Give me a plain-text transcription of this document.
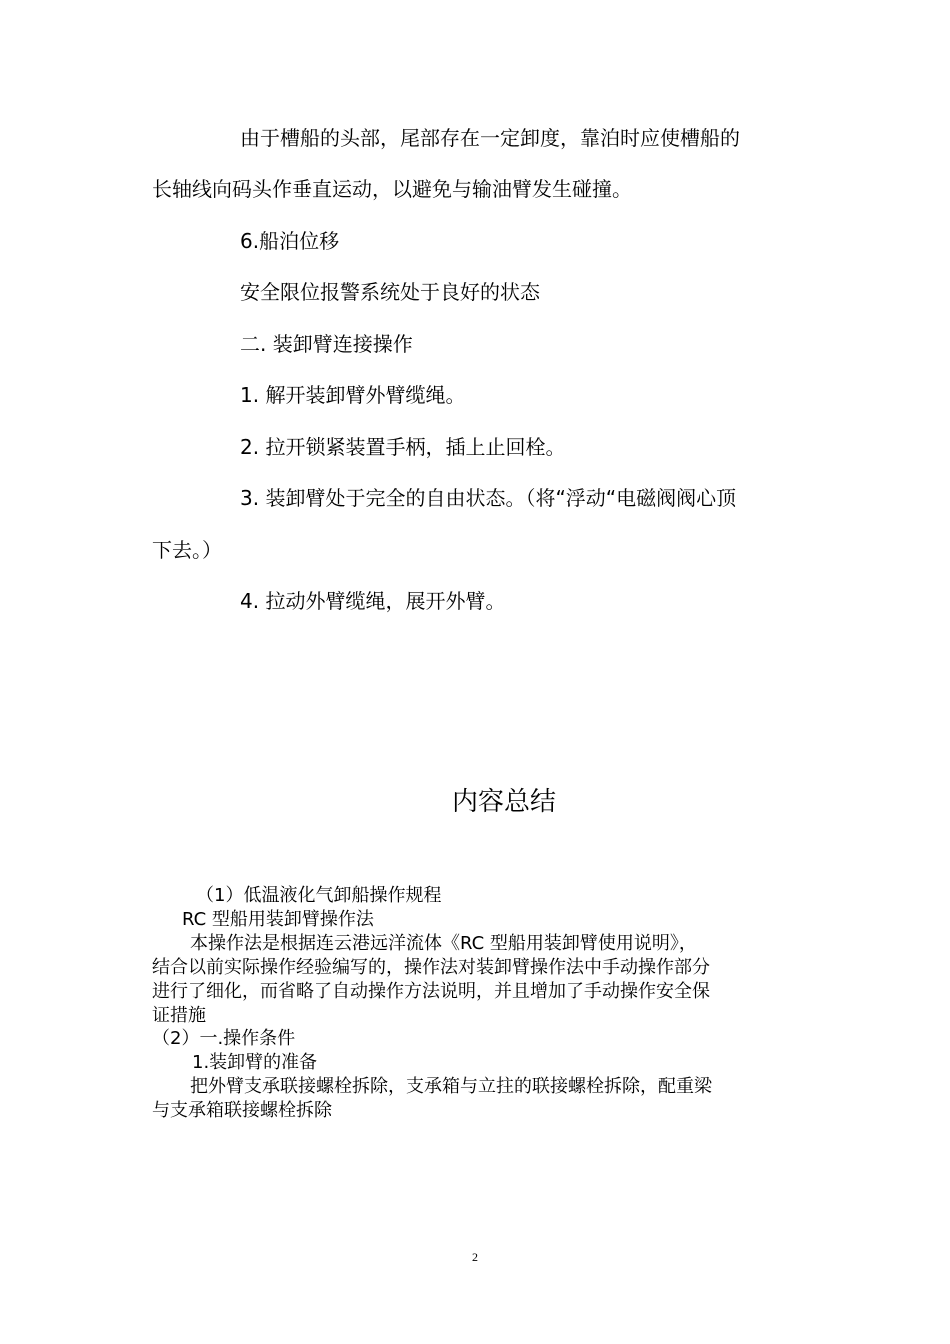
由于槽船的头部，尾部存在一定卸度，靠泊时应使槽船的
长轴线向码头作垂直运动，以避免与输油臂发生碰撞。
6.船泊位移
安全限位报警系统处于良好的状态
二. 装卸臂连接操作
1. 解开装卸臂外臂缆绳。
2. 拉开锁紧装置手柄，插上止回栓。
3. 装卸臂处于完全的自由状态。（将“浮动“电磁阀阀心顶
下去。）
4. 拉动外臂缆绳，展开外臂。
内容总结
（1）低温液化气卸船操作规程
RC 型船用装卸臂操作法
本操作法是根据连云港远洋流体《RC 型船用装卸臂使用说明》，
结合以前实际操作经验编写的，操作法对装卸臂操作法中手动操作部分
进行了细化，而省略了自动操作方法说明，并且增加了手动操作安全保
证措施
（2）一.操作条件
1.装卸臂的准备
把外臂支承联接螺栓拆除，支承箱与立拄的联接螺栓拆除，配重梁
与支承箱联接螺栓拆除
2
